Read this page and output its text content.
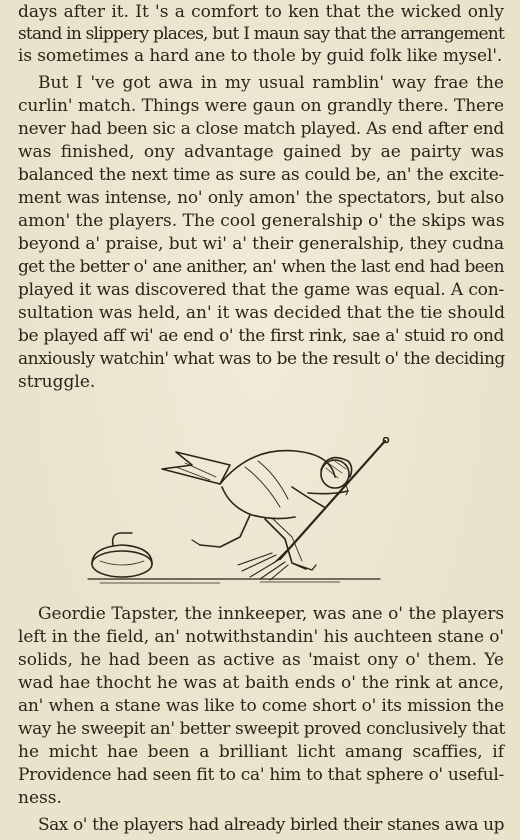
days after it. It 's a comfort to ken that the wicked only
stand in slippery places, but I maun say that the arrangement
is sometimes a hard ane to thole by guid folk like mysel'.
But I 've got awa in my usual ramblin' way frae the
curlin' match. Things were gaun on grandly there. There
never had been sic a close match played. As end after end
was finished, ony advantage gained by ae pairty was
balanced the next time as sure as could be, an' the excite-
ment was intense, no' only amon' the spectators, but also
amon' the players. The cool generalship o' the skips was
beyond a' praise, but wi' a' their generalship, they cudna
get the better o' ane anither, an' when the last end had been
played it was discovered that the game was equal. A con-
sultation was held, an' it was decided that the tie should
be played aff wi' ae end o' the first rink, sae a' stuid ro ond
anxiously watchin' what was to be the result o' the deciding
struggle.
Geordie Tapster, the innkeeper, was ane o' the players
left in the field, an' notwithstandin' his auchteen stane o'
solids, he had been as active as 'maist ony o' them. Ye
wad hae thocht he was at baith ends o' the rink at ance,
an' when a stane was like to come short o' its mission the
way he sweepit an' better sweepit proved conclusively that
he micht hae been a brilliant licht amang scaffies, if
Providence had seen fit to ca' him to that sphere o' useful-
ness.
Sax o' the players had already birled their stanes awa up
